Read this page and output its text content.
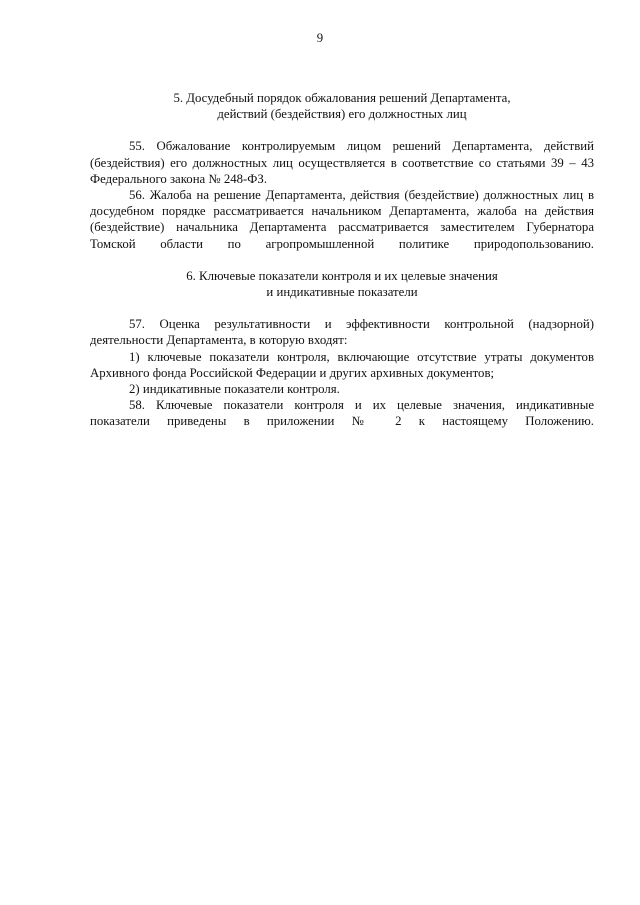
9

5. Досудебный порядок обжалования решений Департамента,
действий (бездействия) его должностных лиц

55. Обжалование контролируемым лицом решений Департамента, действий (бездействия) его должностных лиц осуществляется в соответствие со статьями 39 – 43 Федерального закона № 248-ФЗ.

56. Жалоба на решение Департамента, действия (бездействие) должностных лиц в досудебном порядке рассматривается начальником Департамента, жалоба на действия (бездействие) начальника Департамента рассматривается заместителем Губернатора Томской области по агропромышленной политике природопользованию.

6. Ключевые показатели контроля и их целевые значения
и индикативные показатели

57. Оценка результативности и эффективности контрольной (надзорной) деятельности Департамента, в которую входят:

1) ключевые показатели контроля, включающие отсутствие утраты документов Архивного фонда Российской Федерации и других архивных документов;

2) индикативные показатели контроля.

58. Ключевые показатели контроля и их целевые значения, индикативные показатели приведены в приложении № 2 к настоящему Положению.
